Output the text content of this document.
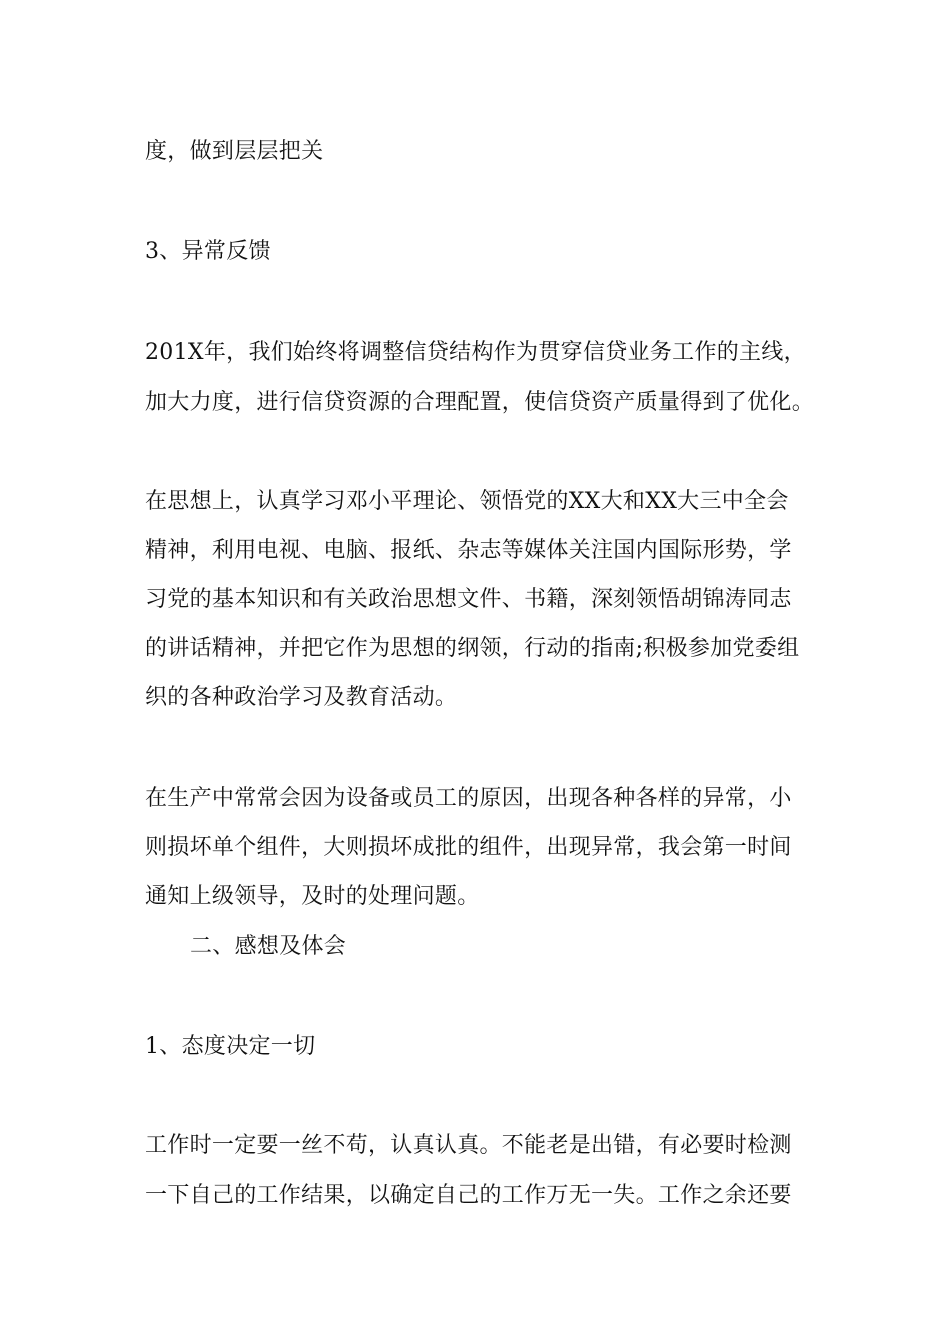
度，做到层层把关
3、异常反馈
201X年，我们始终将调整信贷结构作为贯穿信贷业务工作的主线，
加大力度，进行信贷资源的合理配置，使信贷资产质量得到了优化。
在思想上，认真学习邓小平理论、领悟党的XX大和XX大三中全会
精神，利用电视、电脑、报纸、杂志等媒体关注国内国际形势，学
习党的基本知识和有关政治思想文件、书籍，深刻领悟胡锦涛同志
的讲话精神，并把它作为思想的纲领，行动的指南;积极参加党委组
织的各种政治学习及教育活动。
在生产中常常会因为设备或员工的原因，出现各种各样的异常，小
则损坏单个组件，大则损坏成批的组件，出现异常，我会第一时间
通知上级领导，及时的处理问题。
二、感想及体会
1、态度决定一切
工作时一定要一丝不苟，认真认真。不能老是出错，有必要时检测
一下自己的工作结果，以确定自己的工作万无一失。工作之余还要
